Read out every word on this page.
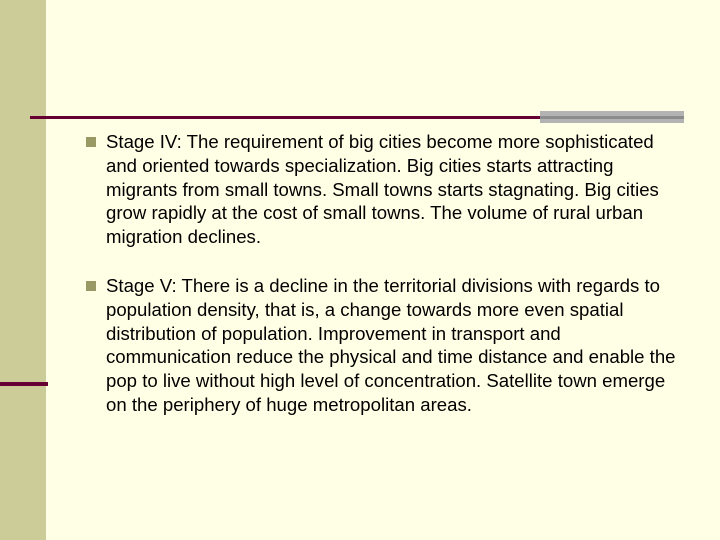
Stage IV: The requirement of big cities become more sophisticated and oriented towards specialization. Big cities starts attracting migrants from small towns. Small towns starts stagnating. Big cities grow rapidly at the cost of small towns. The volume of rural urban migration declines.
Stage V: There is a decline in the territorial divisions with regards to population density, that is, a change towards more even spatial distribution of population. Improvement in transport and communication reduce the physical and time distance and enable the pop to live without high level of concentration. Satellite town emerge on the periphery of huge metropolitan areas.
